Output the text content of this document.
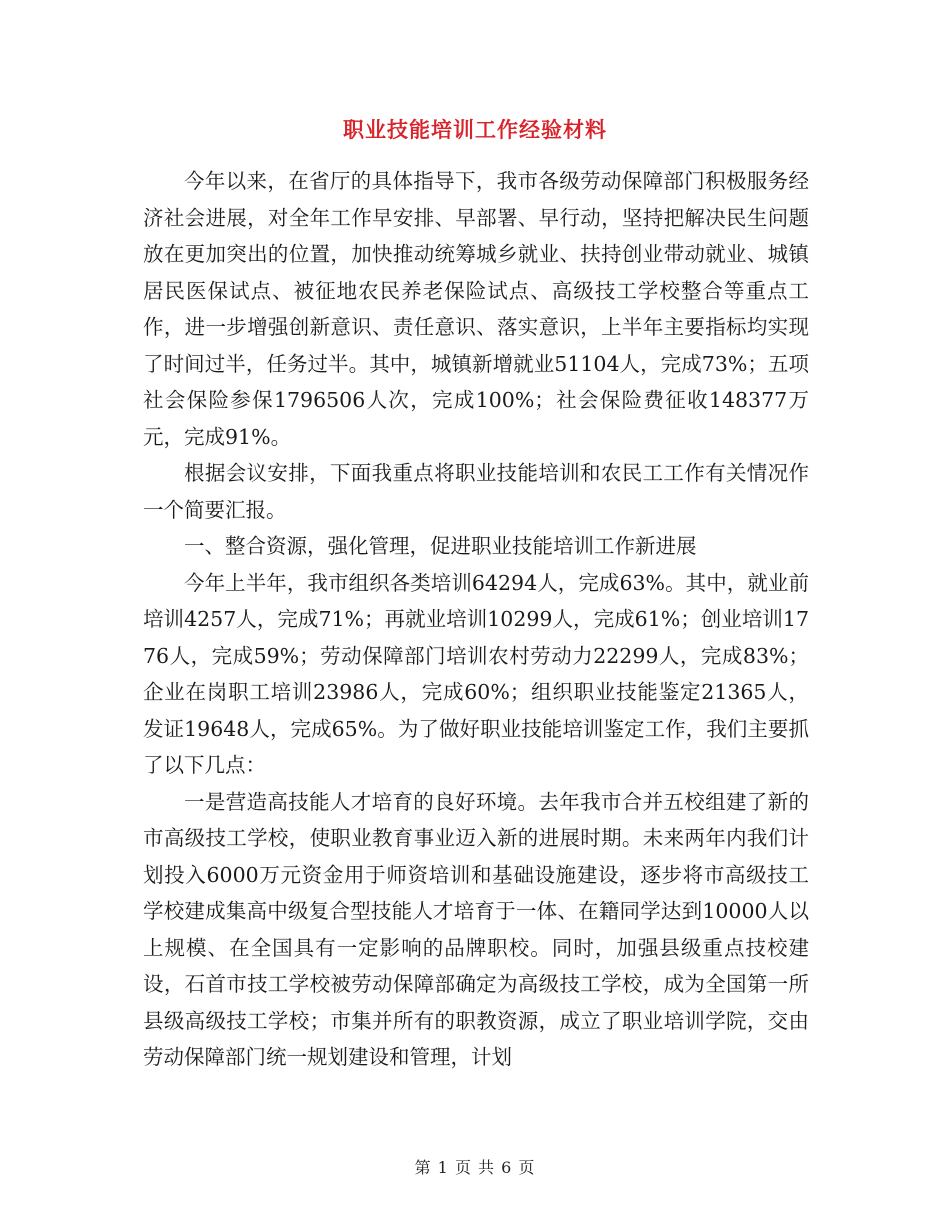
职业技能培训工作经验材料

今年以来，在省厅的具体指导下，我市各级劳动保障部门积极服务经济社会进展，对全年工作早安排、早部署、早行动，坚持把解决民生问题放在更加突出的位置，加快推动统筹城乡就业、扶持创业带动就业、城镇居民医保试点、被征地农民养老保险试点、高级技工学校整合等重点工作，进一步增强创新意识、责任意识、落实意识，上半年主要指标均实现了时间过半，任务过半。其中，城镇新增就业51104人，完成73%；五项社会保险参保1796506人次，完成100%；社会保险费征收148377万元，完成91%。

根据会议安排，下面我重点将职业技能培训和农民工工作有关情况作一个简要汇报。

一、整合资源，强化管理，促进职业技能培训工作新进展

今年上半年，我市组织各类培训64294人，完成63%。其中，就业前培训4257人，完成71%；再就业培训10299人，完成61%；创业培训1776人，完成59%；劳动保障部门培训农村劳动力22299人，完成83%；企业在岗职工培训23986人，完成60%；组织职业技能鉴定21365人，发证19648人，完成65%。为了做好职业技能培训鉴定工作，我们主要抓了以下几点：

一是营造高技能人才培育的良好环境。去年我市合并五校组建了新的市高级技工学校，使职业教育事业迈入新的进展时期。未来两年内我们计划投入6000万元资金用于师资培训和基础设施建设，逐步将市高级技工学校建成集高中级复合型技能人才培育于一体、在籍同学达到10000人以上规模、在全国具有一定影响的品牌职校。同时，加强县级重点技校建设，石首市技工学校被劳动保障部确定为高级技工学校，成为全国第一所县级高级技工学校；市集并所有的职教资源，成立了职业培训学院，交由劳动保障部门统一规划建设和管理，计划

第 1 页 共 6 页
